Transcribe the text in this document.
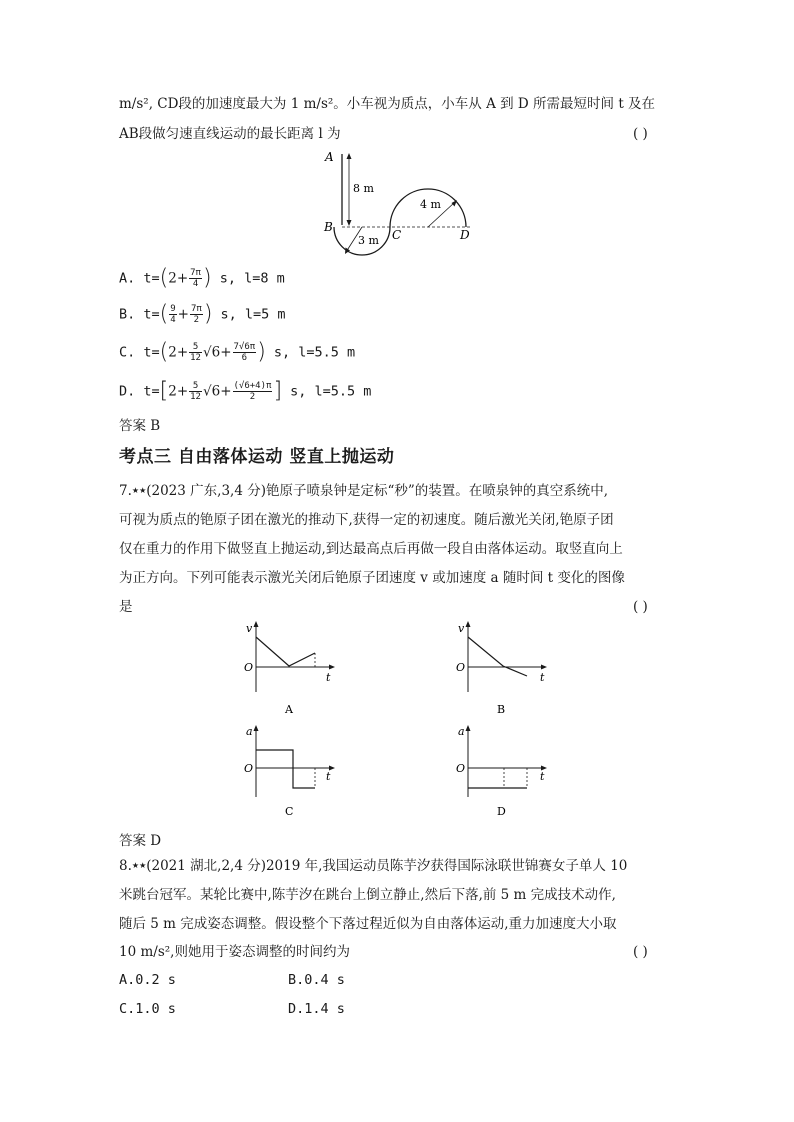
m/s², CD段的加速度最大为 1 m/s²。小车视为质点，小车从 A 到 D 所需最短时间 t 及在
AB段做匀速直线运动的最长距离 l 为	( )
A
B
C	D
8 m
3 m
4 m
A. $t=(2+ \frac{7\pi}{4}$ ) s, l=8 m
B. $t=( \frac{9}{4} + \frac{7\pi}{2}$ ) s, l=5 m
C. $t=(2+ \frac{5}{12} √6+ \frac{7√6\pi}{6}$ ) s, l=5.5 m
D. $t=[2+ \frac{5}{12} √6+ \frac{(√6+4)\pi}{2}$ ] s, l=5.5 m
答案 B
考点三 自由落体运动 竖直上抛运动
7.★★(2023 广东,3,4 分)铯原子喷泉钟是定标“秒”的装置。在喷泉钟的真空系统中,
可视为质点的铯原子团在激光的推动下,获得一定的初速度。随后激光关闭,铯原子团
仅在重力的作用下做竖直上抛运动,到达最高点后再做一段自由落体运动。取竖直向上
为正方向。下列可能表示激光关闭后铯原子团速度 v 或加速度 a 随时间 t 变化的图像
是	( )
v
t
O
A
v
t
O
B
a
t
O
C
a
t
O
D
答案 D
8.★★(2021 湖北,2,4 分)2019 年,我国运动员陈芋汐获得国际泳联世锦赛女子单人 10
米跳台冠军。某轮比赛中,陈芋汐在跳台上倒立静止,然后下落,前 5 m 完成技术动作,
随后 5 m 完成姿态调整。假设整个下落过程近似为自由落体运动,重力加速度大小取
10 m/s²,则她用于姿态调整的时间约为	( )
A.0.2 s	B.0.4 s
C.1.0 s	D.1.4 s
